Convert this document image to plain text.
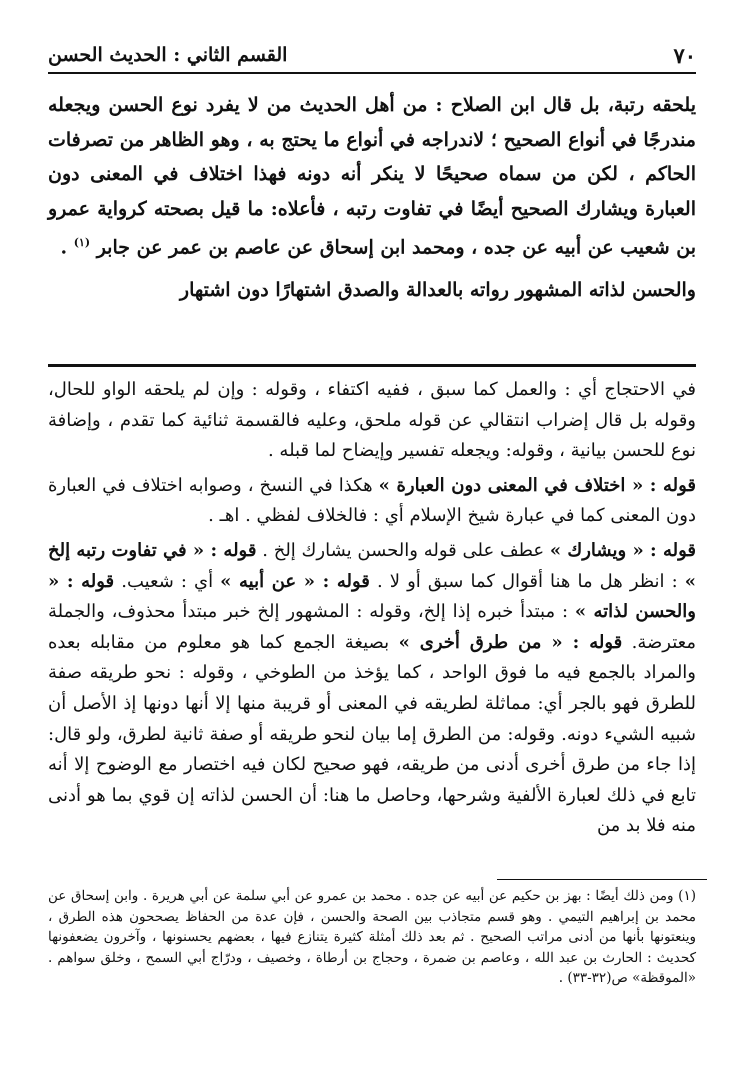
٧٠
القسم الثاني : الحديث الحسن

يلحقه رتبة، بل قال ابن الصلاح : من أهل الحديث من لا يفرد نوع الحسن ويجعله مندرجًا في أنواع الصحيح ؛ لاندراجه في أنواع ما يحتج به ، وهو الظاهر من تصرفات الحاكم ، لكن من سماه صحيحًا لا ينكر أنه دونه فهذا اختلاف في المعنى دون العبارة ويشارك الصحيح أيضًا في تفاوت رتبه ، فأعلاه: ما قيل بصحته كرواية عمرو بن شعيب عن أبيه عن جده ، ومحمد ابن إسحاق عن عاصم بن عمر عن جابر $^{(١)}$ .

والحسن لذاته المشهور رواته بالعدالة والصدق اشتهارًا دون اشتهار

في الاحتجاج أي : والعمل كما سبق ، ففيه اكتفاء ، وقوله : وإن لم يلحقه الواو للحال، وقوله بل قال إضراب انتقالي عن قوله ملحق، وعليه فالقسمة ثنائية كما تقدم ، وإضافة نوع للحسن بيانية ، وقوله: ويجعله تفسير وإيضاح لما قبله .

قوله : « اختلاف في المعنى دون العبارة » هكذا في النسخ ، وصوابه اختلاف في العبارة دون المعنى كما في عبارة شيخ الإسلام أي : فالخلاف لفظي . اهـ .

قوله : « ويشارك » عطف على قوله والحسن يشارك إلخ . قوله : « في تفاوت رتبه إلخ » : انظر هل ما هنا أقوال كما سبق أو لا . قوله : « عن أبيه » أي : شعيب. قوله : « والحسن لذاته » : مبتدأ خبره إذا إلخ، وقوله : المشهور إلخ خبر مبتدأ محذوف، والجملة معترضة. قوله : « من طرق أخرى » بصيغة الجمع كما هو معلوم من مقابله بعده والمراد بالجمع فيه ما فوق الواحد ، كما يؤخذ من الطوخي ، وقوله : نحو طريقه صفة للطرق فهو بالجر أي: مماثلة لطريقه في المعنى أو قريبة منها إلا أنها دونها إذ الأصل أن شبيه الشيء دونه. وقوله: من الطرق إما بيان لنحو طريقه أو صفة ثانية لطرق، ولو قال: إذا جاء من طرق أخرى أدنى من طريقه، فهو صحيح لكان فيه اختصار مع الوضوح إلا أنه تابع في ذلك لعبارة الألفية وشرحها، وحاصل ما هنا: أن الحسن لذاته إن قوي بما هو أدنى منه فلا بد من

(١) ومن ذلك أيضًا : بهز بن حكيم عن أبيه عن جده . محمد بن عمرو عن أبي سلمة عن أبي هريرة . وابن إسحاق عن محمد بن إبراهيم التيمي . وهو قسم متجاذب بين الصحة والحسن ، فإن عدة من الحفاظ يصححون هذه الطرق ، وينعتونها بأنها من أدنى مراتب الصحيح . ثم بعد ذلك أمثلة كثيرة يتنازع فيها ، بعضهم يحسنونها ، وآخرون يضعفونها كحديث : الحارث بن عبد الله ، وعاصم بن ضمرة ، وحجاج بن أرطاة ، وخصيف ، ودرّاج أبي السمح ، وخلق سواهم . «الموقظة» ص(٣٢-٣٣) .
